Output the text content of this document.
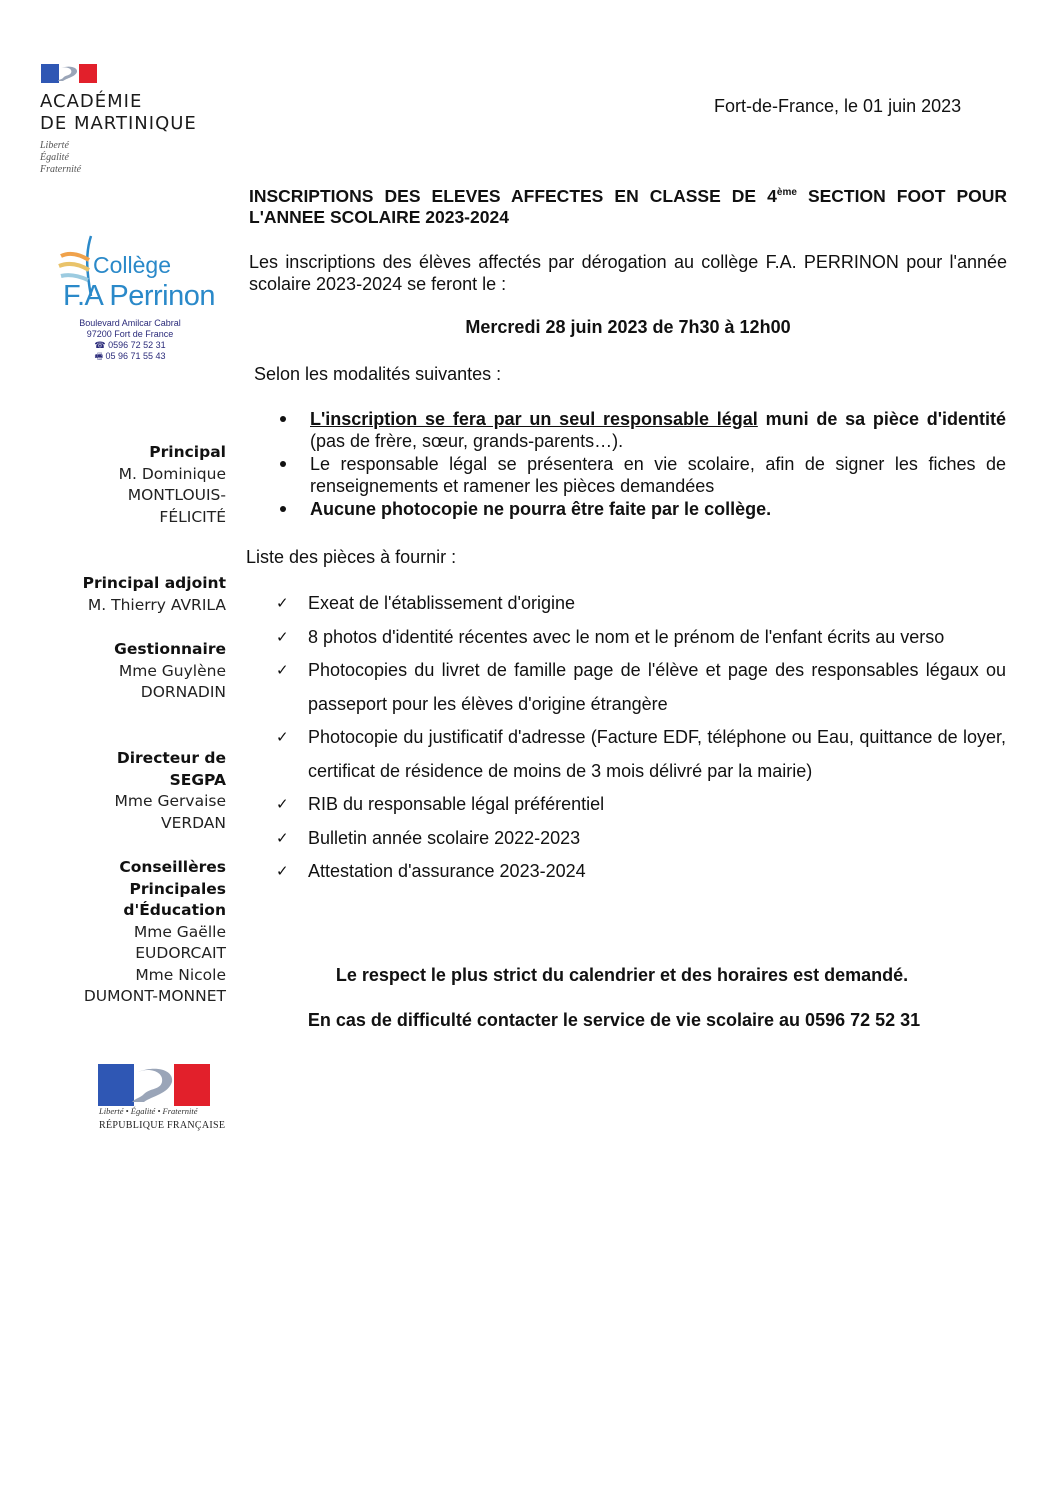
ACADÉMIE
DE MARTINIQUE
Liberté
Égalité
Fraternité
Fort-de-France, le 01 juin 2023
Collège
F.A Perrinon
Boulevard Amilcar Cabral
97200 Fort de France
☎ 0596 72 52 31
🖷 05 96 71 55 43
Principal
M. Dominique
MONTLOUIS-
FÉLICITÉ
Principal adjoint
M. Thierry AVRILA
Gestionnaire
Mme Guylène
DORNADIN
Directeur de
SEGPA
Mme Gervaise
VERDAN
Conseillères
Principales
d'Éducation
Mme Gaëlle
EUDORCAIT
Mme Nicole
DUMONT-MONNET
INSCRIPTIONS DES ELEVES AFFECTES EN CLASSE DE 4ème SECTION FOOT POUR L'ANNEE SCOLAIRE 2023-2024
Les inscriptions des élèves affectés par dérogation au collège F.A. PERRINON pour l'année scolaire 2023-2024 se feront le :
Mercredi 28 juin 2023 de 7h30 à 12h00
Selon les modalités suivantes :
L'inscription se fera par un seul responsable légal muni de sa pièce d'identité (pas de frère, sœur, grands-parents…).
Le responsable légal se présentera en vie scolaire, afin de signer les fiches de renseignements et ramener les pièces demandées
Aucune photocopie ne pourra être faite par le collège.
Liste des pièces à fournir :
✓ Exeat de l'établissement d'origine
✓ 8 photos d'identité récentes avec le nom et le prénom de l'enfant écrits au verso
✓ Photocopies du livret de famille page de l'élève et page des responsables légaux ou passeport pour les élèves d'origine étrangère
✓ Photocopie du justificatif d'adresse (Facture EDF, téléphone ou Eau, quittance de loyer, certificat de résidence de moins de 3 mois délivré par la mairie)
✓ RIB du responsable légal préférentiel
✓ Bulletin année scolaire 2022-2023
✓ Attestation d'assurance 2023-2024
Le respect le plus strict du calendrier et des horaires est demandé.
En cas de difficulté contacter le service de vie scolaire au 0596 72 52 31
Liberté • Égalité • Fraternité
RÉPUBLIQUE FRANÇAISE
